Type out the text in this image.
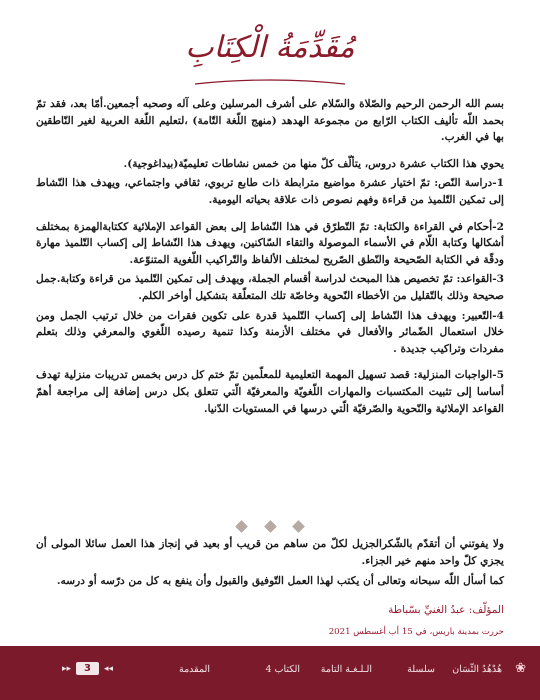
مُقَدِّمَةُ الْكِتَابِ

بسم الله الرحمن الرحيم والصّلاة والسّلام على أشرف المرسلين وعلى آله وصحبه أجمعين.أمّا بعد، فقد تمّ بحمد اللّه تأليف الكتاب الرّابع من مجموعة الهدهد (منهج اللّغة التّامة) ،لتعليم اللّغة العربية لغير النّاطقين بها في الغرب.

يحوي هذا الكتاب عشرة دروس، يتألّف كلّ منها من خمس نشاطات تعليميّة(بيداغوجية).

1-دراسة النّص: تمّ اختيار عشرة مواضيع مترابطة ذات طابع تربوي، ثقافي واجتماعي، ويهدف هذا النّشاط إلى تمكين التّلميذ من قراءة وفهم نصوص ذات علاقة بحياته اليومية.

2-أحكام في القراءة والكتابة: تمّ التّطرّق في هذا النّشاط إلى بعض القواعد الإملائية ككتابةالهمزة بمختلف أشكالها وكتابة اللّام في الأسماء الموصولة والتقاء السّاكنين، ويهدف هذا النّشاط إلى إكساب التّلميذ مهارة ودقّة في الكتابة الصّحيحة والنّطق الصّريح لمختلف الألفاظ والتّراكيب اللّغوية المتنوّعة.

3-القواعد: تمّ تخصيص هذا المبحث لدراسة أقسام الجملة، ويهدف إلى تمكين التّلميذ من قراءة وكتابة.جمل صحيحة وذلك بالتّقليل من الأخطاء النّحوية وخاصّة تلك المتعلّقة بتشكيل أواخر الكلم.

4-التّعبير: ويهدف هذا النّشاط إلى إكساب التّلميذ قدرة على تكوين فقرات من خلال ترتيب الجمل ومن خلال استعمال الضّمائر والأفعال في مختلف الأزمنة وكذا تنمية رصيده اللّغوي والمعرفي وذلك بتعلم مفردات وتراكيب جديدة .

5-الواجبات المنزلية: قصد تسهيل المهمة التعليمية للمعلّمين تمّ ختم كل درس بخمس تدريبات منزلية تهدف أساسا إلى تثبيت المكتسبات والمهارات اللّغويّة والمعرفيّة الّتي تتعلق بكل درس إضافة إلى مراجعة أهمّ القواعد الإملائية والنّحوية والصّرفيّة الّتي درسها في المستويات الدّنيا.

ولا يفوتني أن أتقدّم بالشّكرالجزيل لكلّ من ساهم من قريب أو بعيد في إنجاز هذا العمل سائلا المولى أن يجزي كلّ واحد منهم خير الجزاء.

كما أسأل اللّه سبحانه وتعالى أن يكتب لهذا العمل التّوفيق والقبول وأن ينفع به كل من درّسه أو درسه.

المؤلّف: عبدُ الغنيِّ بسّباطة
حررت بمدينة باريس، في 15 أب أغسطس 2021
❀
هُدْهُدُ التِّسَان
سلسلة
الـلـغـة التامة
الكتاب 4
المقدمة
▸▸	3	◂◂
